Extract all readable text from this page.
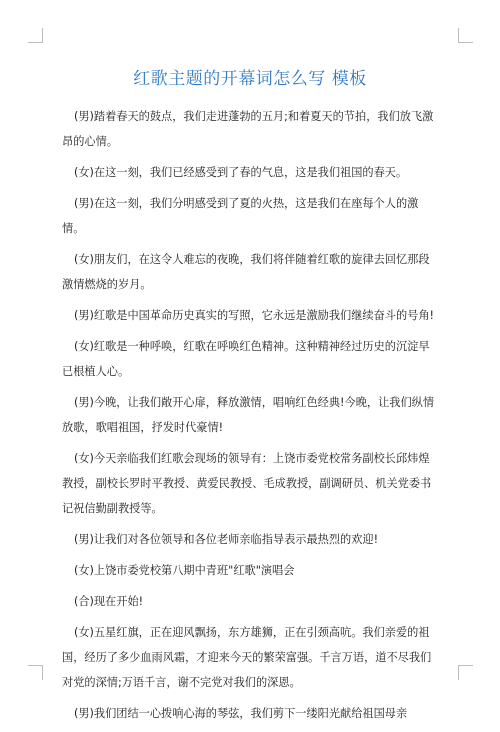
红歌主题的开幕词怎么写 模板

(男)踏着春天的鼓点，我们走进蓬勃的五月;和着夏天的节拍，我们放飞激昂的心情。

(女)在这一刻，我们已经感受到了春的气息，这是我们祖国的春天。

(男)在这一刻，我们分明感受到了夏的火热，这是我们在座每个人的激情。

(女)朋友们，在这令人难忘的夜晚，我们将伴随着红歌的旋律去回忆那段激情燃烧的岁月。

(男)红歌是中国革命历史真实的写照，它永远是激励我们继续奋斗的号角!

(女)红歌是一种呼唤，红歌在呼唤红色精神。这种精神经过历史的沉淀早已根植人心。

(男)今晚，让我们敞开心扉，释放激情，唱响红色经典!今晚，让我们纵情放歌，歌唱祖国，抒发时代豪情!

(女)今天亲临我们红歌会现场的领导有：上饶市委党校常务副校长邱炜煌教授，副校长罗时平教授、黄爱民教授、毛成教授，副调研员、机关党委书记祝信勤副教授等。

(男)让我们对各位领导和各位老师亲临指导表示最热烈的欢迎!

(女)上饶市委党校第八期中青班"红歌"演唱会

(合)现在开始!

(女)五星红旗，正在迎风飘扬，东方雄狮，正在引颈高吭。我们亲爱的祖国，经历了多少血雨风霜，才迎来今天的繁荣富强。千言万语，道不尽我们对党的深情;万语千言，谢不完党对我们的深恩。

(男)我们团结一心拨响心海的琴弦，我们剪下一缕阳光献给祖国母亲
